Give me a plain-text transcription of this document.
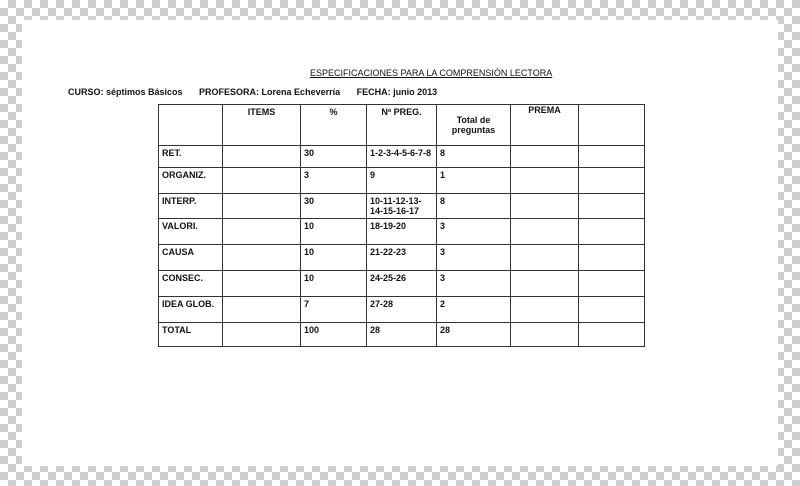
ESPECIFICACIONES PARA LA COMPRENSIÓN LECTORA
CURSO: séptimos Básicos PROFESORA: Lorena Echeverría FECHA: junio 2013
	ITEMS	%	Nº PREG.	Total de preguntas	PREMA	
RET.		30	1-2-3-4-5-6-7-8	8		
ORGANIZ.		3	9	1		
INTERP.		30	10-11-12-13-14-15-16-17	8		
VALORI.		10	18-19-20	3		
CAUSA		10	21-22-23	3		
CONSEC.		10	24-25-26	3		
IDEA GLOB.		7	27-28	2		
TOTAL		100	28	28		
